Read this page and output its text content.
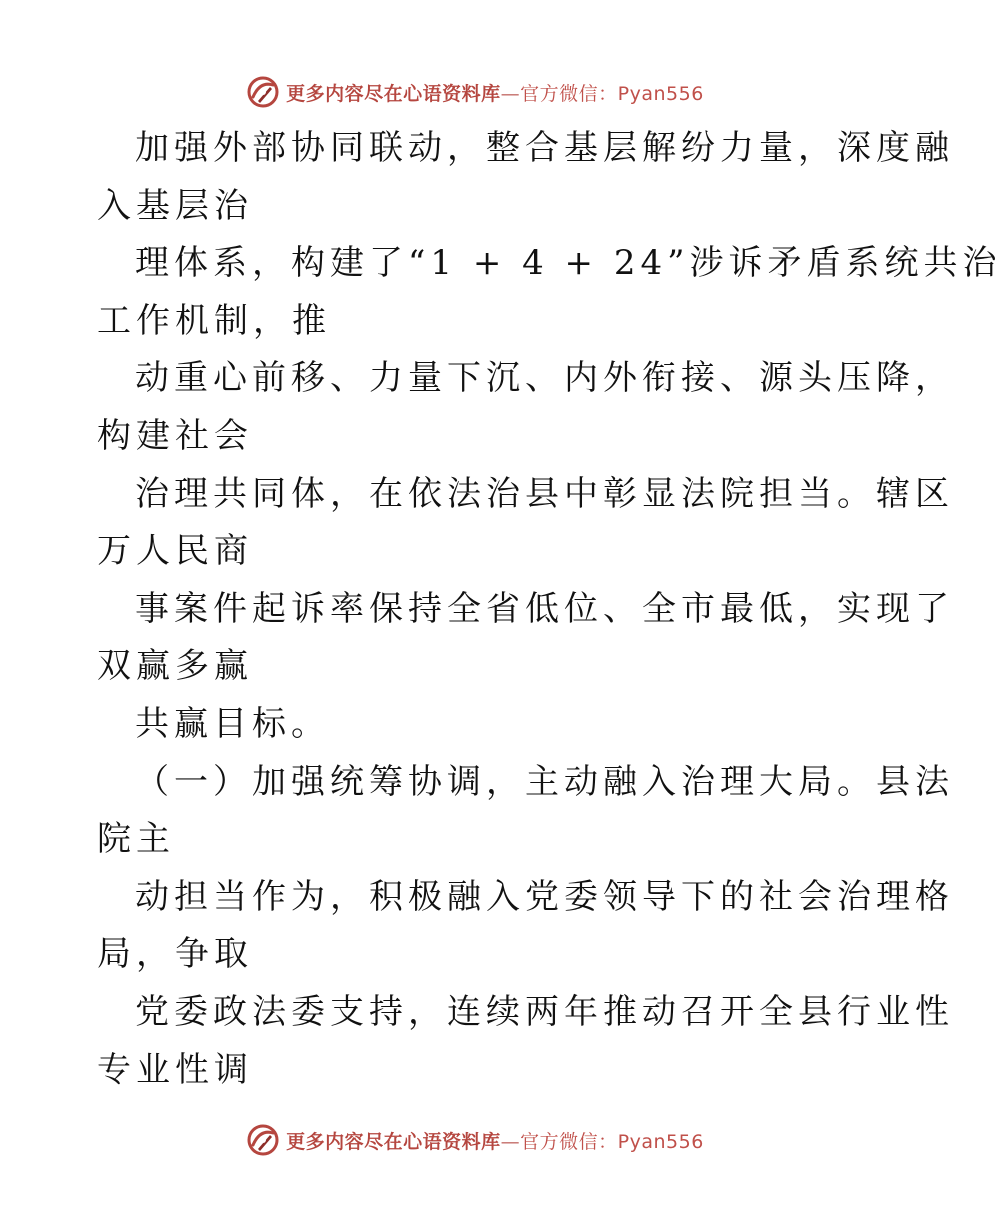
更多内容尽在心语资料库—官方微信：Pyan556
加强外部协同联动，整合基层解纷力量，深度融
入基层治
理体系，构建了“1 + 4 + 24”涉诉矛盾系统共治
工作机制，推
动重心前移、力量下沉、内外衔接、源头压降，
构建社会
治理共同体，在依法治县中彰显法院担当。辖区
万人民商
事案件起诉率保持全省低位、全市最低，实现了
双赢多赢
共赢目标。
（一）加强统筹协调，主动融入治理大局。县法
院主
动担当作为，积极融入党委领导下的社会治理格
局，争取
党委政法委支持，连续两年推动召开全县行业性
专业性调
更多内容尽在心语资料库—官方微信：Pyan556
